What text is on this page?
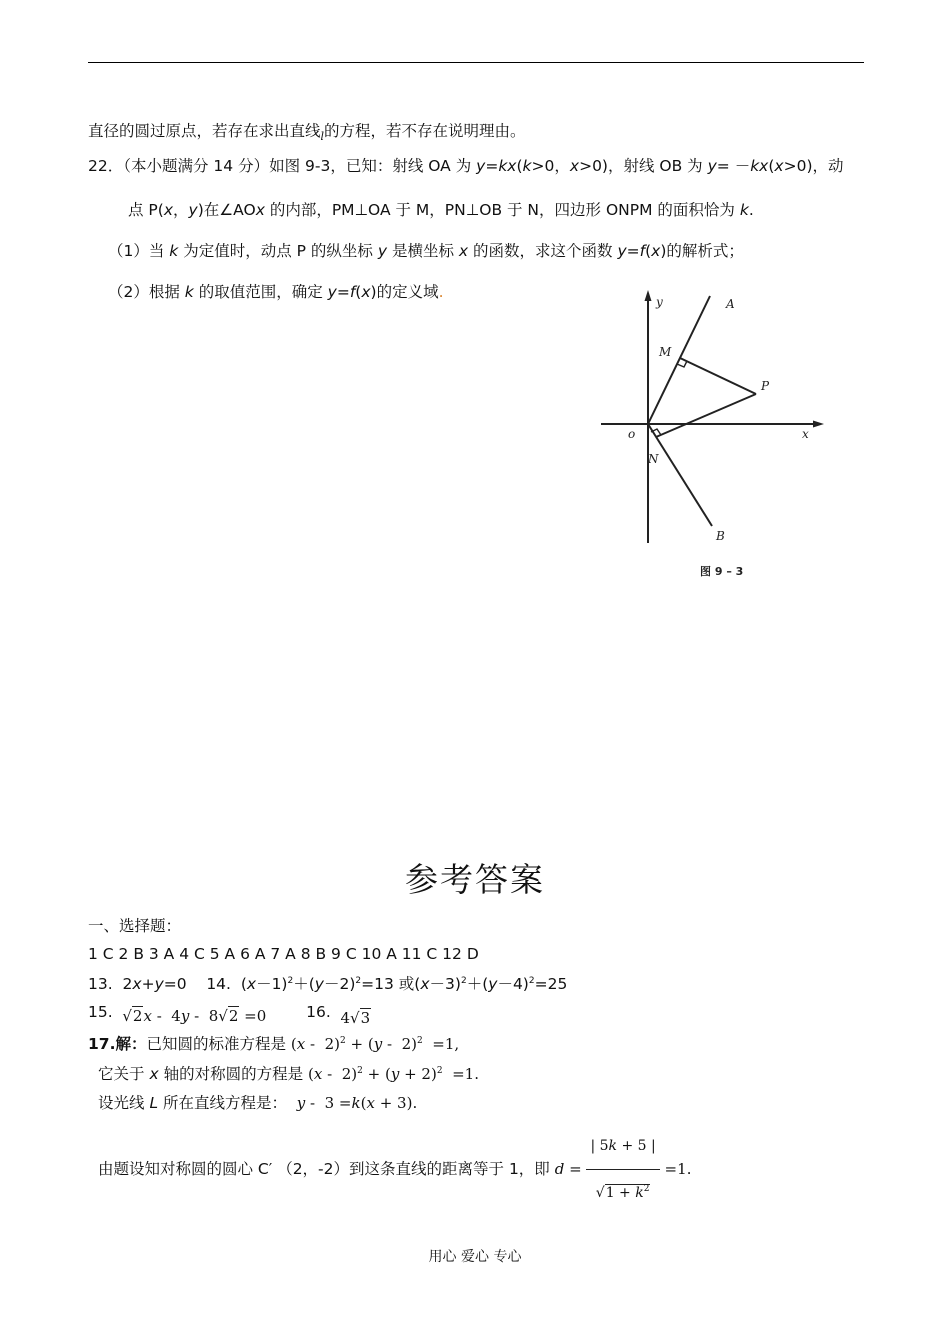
直径的圆过原点，若存在求出直线$_l$的方程，若不存在说明理由。
22．（本小题满分 14 分）如图 9-3，已知：射线 OA 为 y=kx(k>0，x>0)，射线 OB 为 y= －kx(x>0)，动
点 P(x，y)在∠AOx 的内部，PM⊥OA 于 M，PN⊥OB 于 N，四边形 ONPM 的面积恰为 k.
（1）当 k 为定值时，动点 P 的纵坐标 y 是横坐标 x 的函数，求这个函数 y=f(x)的解析式；
（2）根据 k 的取值范围，确定 y=f(x)的定义域.
y	A
M
P
o	x
N
B
图 9 – 3
参考答案
一、选择题：
1 C 2 B 3 A 4 C 5 A 6 A 7 A 8 B 9 C 10 A 11 C 12 D
13.  2x+y=0    14.  $(x-1)^2+(y-2)^2=13$ 或$(x-3)^2+(y-4)^2=25$
15.  √2x -  4y -  8√2 =0	16.  4√3
17.解：已知圆的标准方程是 (x -  2)$^2$ + (y -  2)$^2$  =1,
它关于 x 轴的对称圆的方程是 $(x - 2)^2 + (y + 2)^2 =1$.
设光线 L 所在直线方程是： y -  3 =k(x + 3).
由题设知对称圆的圆心 C′ （2，-2）到这条直线的距离等于 1，即 $d = \frac{| 5k + 5 |}{√1 + k^2} =1$.
用心 爱心 专心
